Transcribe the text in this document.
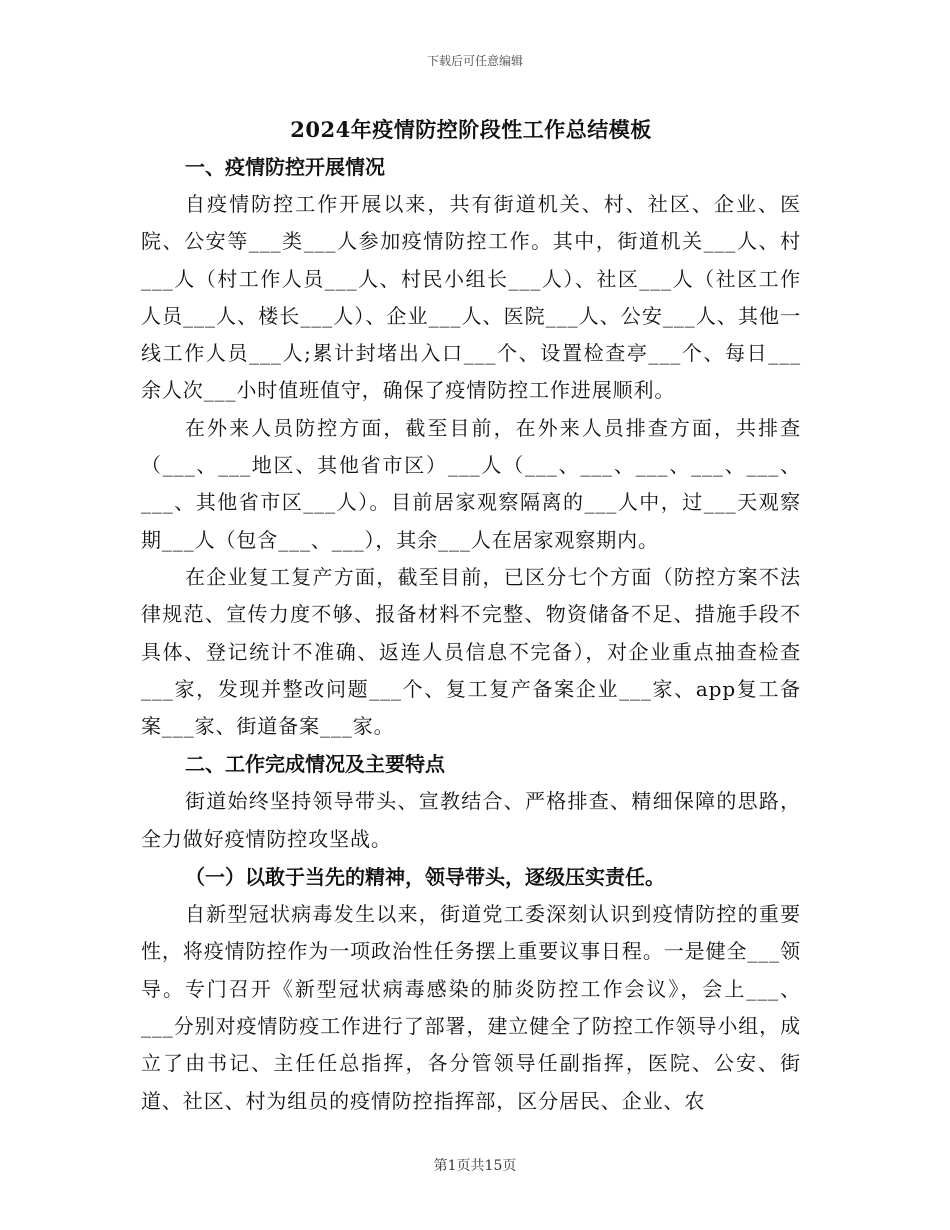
下载后可任意编辑
2024年疫情防控阶段性工作总结模板
一、疫情防控开展情况

自疫情防控工作开展以来，共有街道机关、村、社区、企业、医院、公安等___类___人参加疫情防控工作。其中，街道机关___人、村___人（村工作人员___人、村民小组长___人）、社区___人（社区工作人员___人、楼长___人）、企业___人、医院___人、公安___人、其他一线工作人员___人;累计封堵出入口___个、设置检查亭___个、每日___余人次___小时值班值守，确保了疫情防控工作进展顺利。

在外来人员防控方面，截至目前，在外来人员排查方面，共排查（___、___地区、其他省市区）___人（___、___、___、___、___、___、其他省市区___人）。目前居家观察隔离的___人中，过___天观察期___人（包含___、___），其余___人在居家观察期内。

在企业复工复产方面，截至目前，已区分七个方面（防控方案不法律规范、宣传力度不够、报备材料不完整、物资储备不足、措施手段不具体、登记统计不准确、返连人员信息不完备），对企业重点抽查检查___家，发现并整改问题___个、复工复产备案企业___家、app复工备案___家、街道备案___家。

二、工作完成情况及主要特点

街道始终坚持领导带头、宣教结合、严格排查、精细保障的思路，全力做好疫情防控攻坚战。

（一）以敢于当先的精神，领导带头，逐级压实责任。

自新型冠状病毒发生以来，街道党工委深刻认识到疫情防控的重要性，将疫情防控作为一项政治性任务摆上重要议事日程。一是健全___领导。专门召开《新型冠状病毒感染的肺炎防控工作会议》，会上___、___分别对疫情防疫工作进行了部署，建立健全了防控工作领导小组，成立了由书记、主任任总指挥，各分管领导任副指挥，医院、公安、街道、社区、村为组员的疫情防控指挥部，区分居民、企业、农

第1页共15页
